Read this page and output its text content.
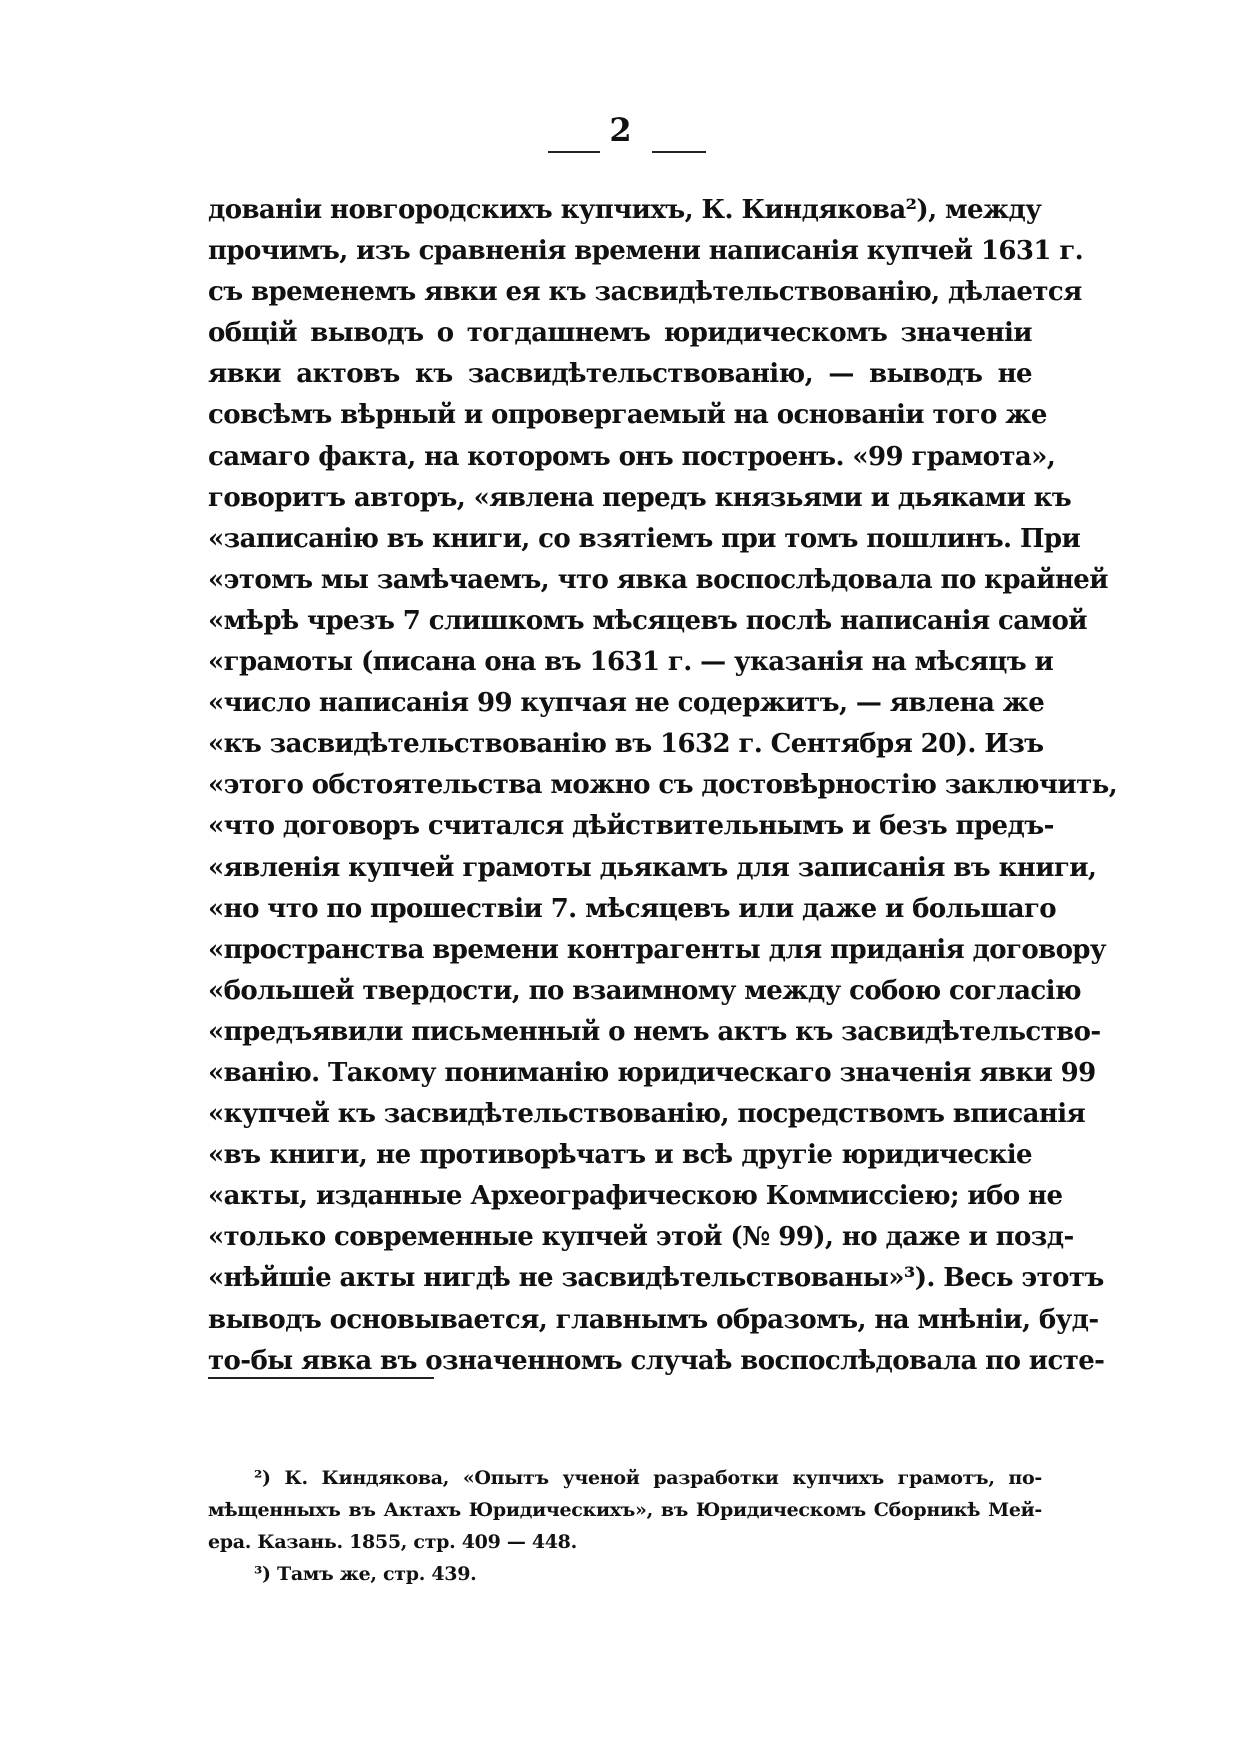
2
дованіи новгородскихъ купчихъ, К. Киндякова²), между
прочимъ, изъ сравненія времени написанія купчей 1631 г.
съ временемъ явки ея къ засвидѣтельствованію, дѣлается
общій выводъ о тогдашнемъ юридическомъ значеніи
явки актовъ къ засвидѣтельствованію, — выводъ не
совсѣмъ вѣрный и опровергаемый на основаніи того же
самаго факта, на которомъ онъ построенъ. «99 грамота»,
говоритъ авторъ, «явлена передъ князьями и дьяками къ
«записанію въ книги, со взятіемъ при томъ пошлинъ. При
«этомъ мы замѣчаемъ, что явка воспослѣдовала по крайней
«мѣрѣ чрезъ 7 слишкомъ мѣсяцевъ послѣ написанія самой
«грамоты (писана она въ 1631 г. — указанія на мѣсяцъ и
«число написанія 99 купчая не содержитъ, — явлена же
«къ засвидѣтельствованію въ 1632 г. Сентября 20). Изъ
«этого обстоятельства можно съ достовѣрностію заключить,
«что договоръ считался дѣйствительнымъ и безъ предъ-
«явленія купчей грамоты дьякамъ для записанія въ книги,
«но что по прошествіи 7. мѣсяцевъ или даже и большаго
«пространства времени контрагенты для приданія договору
«большей твердости, по взаимному между собою согласію
«предъявили письменный о немъ актъ къ засвидѣтельство-
«ванію. Такому пониманію юридическаго значенія явки 99
«купчей къ засвидѣтельствованію, посредствомъ вписанія
«въ книги, не противорѣчатъ и всѣ другіе юридическіе
«акты, изданные Археографическою Коммиссіею; ибо не
«только современные купчей этой (№ 99), но даже и позд-
«нѣйшіе акты нигдѣ не засвидѣтельствованы»³). Весь этотъ
выводъ основывается, главнымъ образомъ, на мнѣніи, буд-
то-бы явка въ означенномъ случаѣ воспослѣдовала по исте-
²) К. Киндякова, «Опытъ ученой разработки купчихъ грамотъ, по-
мѣщенныхъ въ Актахъ Юридическихъ», въ Юридическомъ Сборникѣ Мей-
ера. Казань. 1855, стр. 409 — 448.
³) Тамъ же, стр. 439.
